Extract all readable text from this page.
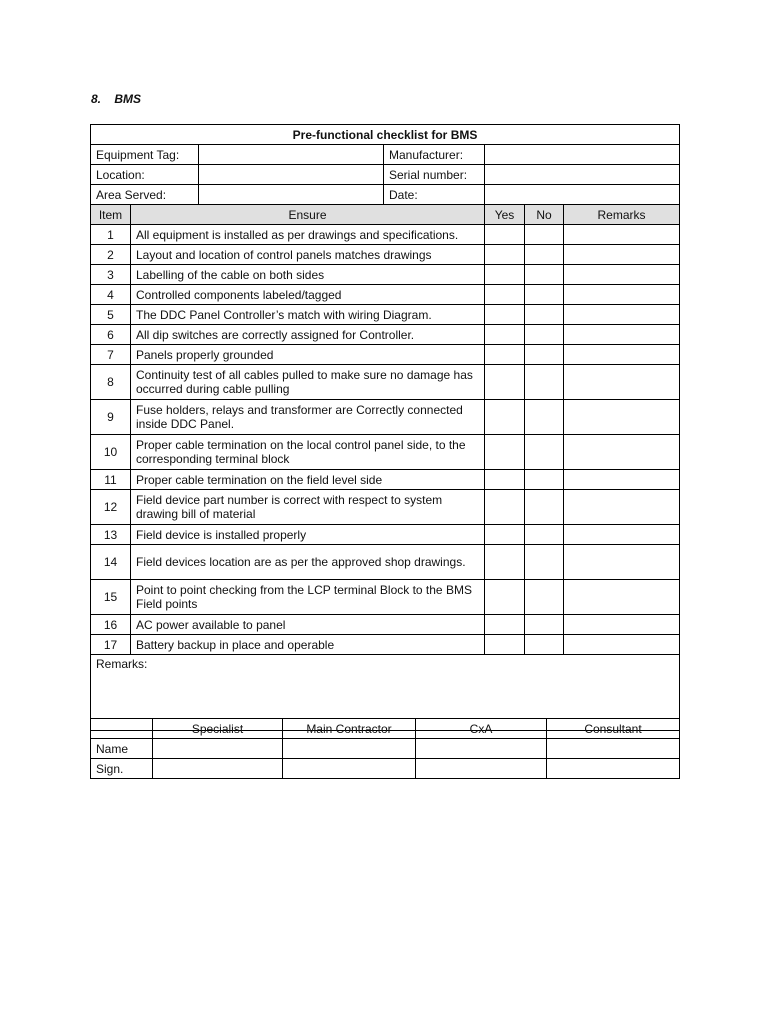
8. BMS
Pre-functional checklist for BMS						
Equipment Tag:			Manufacturer:			
Location:			Serial number:			
Area Served:			Date:			
Item	Ensure			Yes	No	Remarks
1	All equipment is installed as per drawings and specifications.					
2	Layout and location of control panels matches drawings					
3	Labelling of the cable on both sides					
4	Controlled components labeled/tagged					
5	The DDC Panel Controller’s match with wiring Diagram.					
6	All dip switches are correctly assigned for Controller.					
7	Panels properly grounded					
8	Continuity test of all cables pulled to make sure no damage has occurred during cable pulling					
9	Fuse holders, relays and transformer are Correctly connected inside DDC Panel.					
10	Proper cable termination on the local control panel side, to the corresponding terminal block					
11	Proper cable termination on the field level side					
12	Field device part number is correct with respect to system drawing bill of material					
13	Field device is installed properly					
14	Field devices location are as per the approved shop drawings.					
15	Point to point checking from the LCP terminal Block to the BMS Field points					
16	AC power available to panel					
17	Battery backup in place and operable					
Remarks:						
	Specialist	Main Contractor	CxA	Consultant
Name				
Sign.				
